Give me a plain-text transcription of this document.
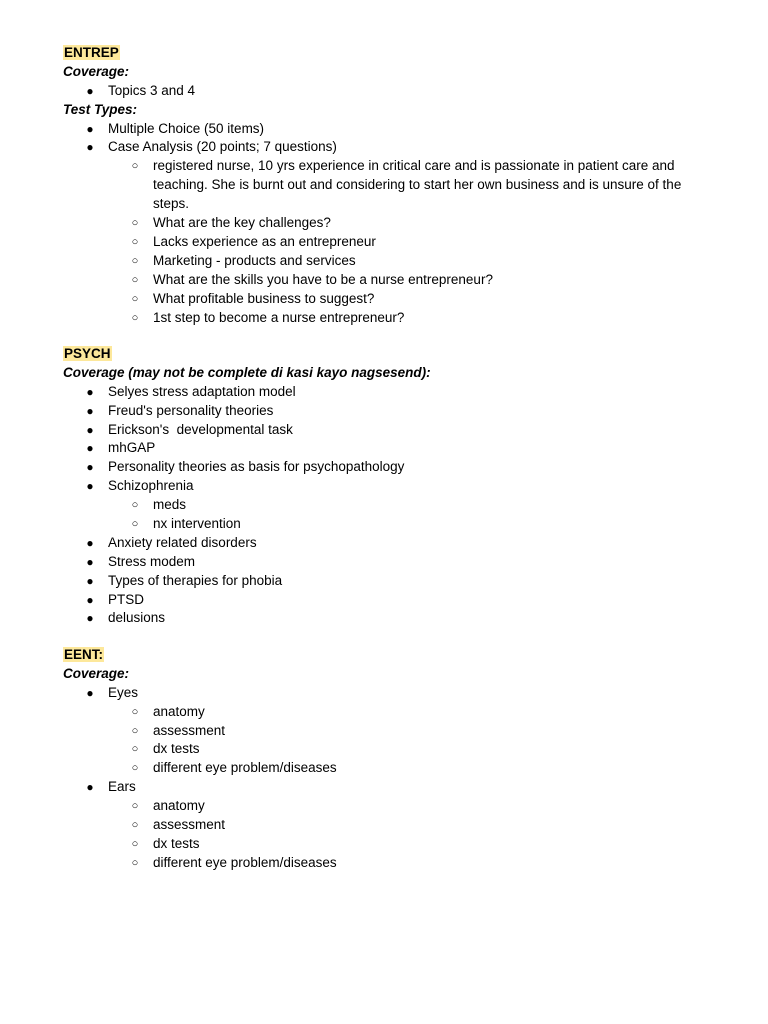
ENTREP
Coverage:
● Topics 3 and 4
Test Types:
● Multiple Choice (50 items)
● Case Analysis (20 points; 7 questions)
○ registered nurse, 10 yrs experience in critical care and is passionate in patient care and teaching. She is burnt out and considering to start her own business and is unsure of the steps.
○ What are the key challenges?
○ Lacks experience as an entrepreneur
○ Marketing - products and services
○ What are the skills you have to be a nurse entrepreneur?
○ What profitable business to suggest?
○ 1st step to become a nurse entrepreneur?
PSYCH
Coverage (may not be complete di kasi kayo nagsesend):
● Selyes stress adaptation model
● Freud's personality theories
● Erickson's  developmental task
● mhGAP
● Personality theories as basis for psychopathology
● Schizophrenia
○ meds
○ nx intervention
● Anxiety related disorders
● Stress modem
● Types of therapies for phobia
● PTSD
● delusions
EENT:
Coverage:
● Eyes
○ anatomy
○ assessment
○ dx tests
○ different eye problem/diseases
● Ears
○ anatomy
○ assessment
○ dx tests
○ different eye problem/diseases
